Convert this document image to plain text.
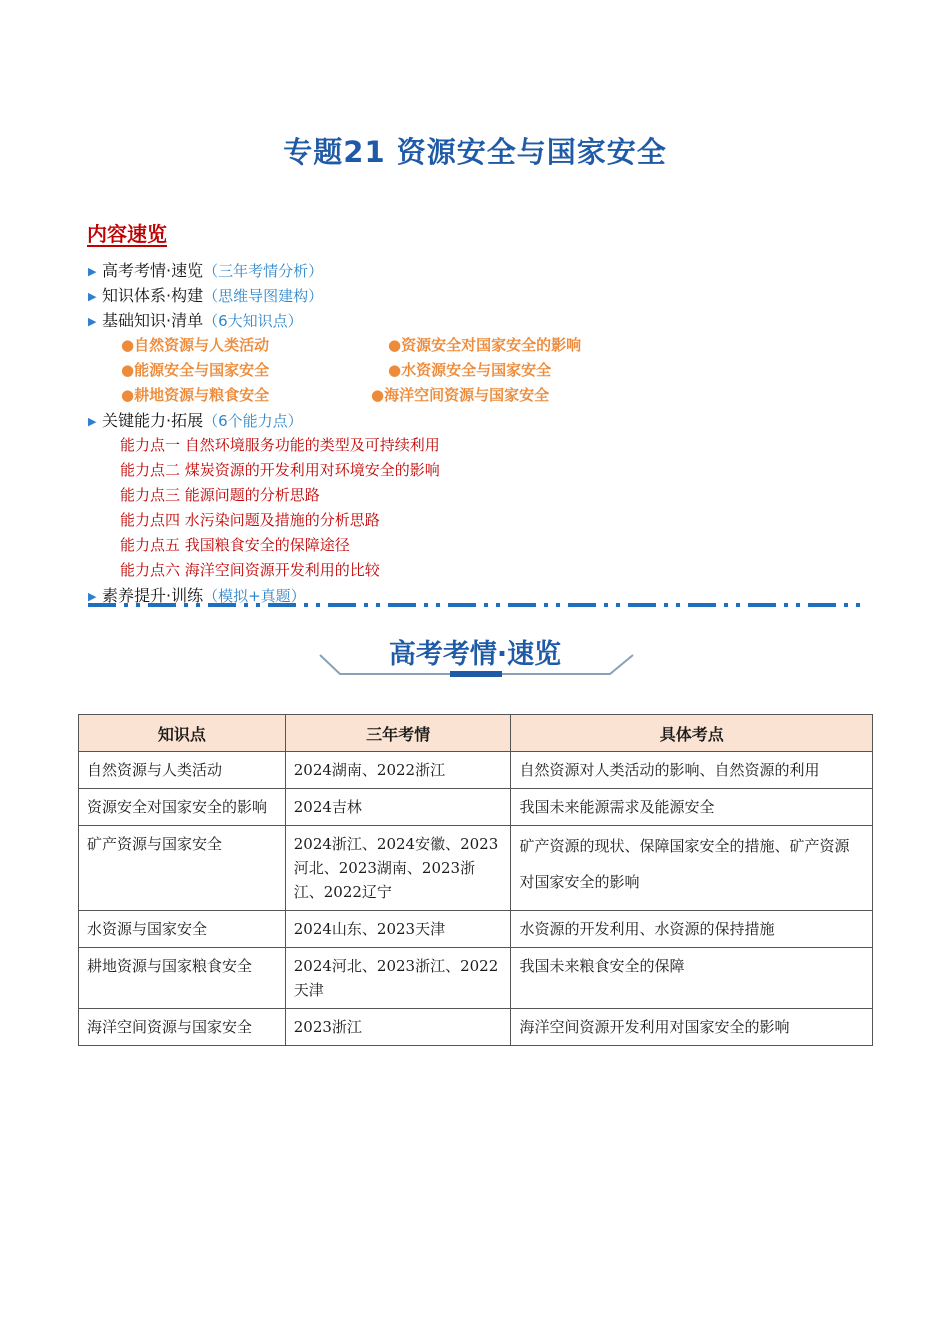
专题21 资源安全与国家安全
内容速览
▶ 高考考情·速览（三年考情分析）
▶ 知识体系·构建（思维导图建构）
▶ 基础知识·清单（6大知识点）
●自然资源与人类活动	●资源安全对国家安全的影响
●能源安全与国家安全	●水资源安全与国家安全
●耕地资源与粮食安全	●海洋空间资源与国家安全
▶ 关键能力·拓展（6个能力点）
能力点一 自然环境服务功能的类型及可持续利用
能力点二 煤炭资源的开发利用对环境安全的影响
能力点三 能源问题的分析思路
能力点四 水污染问题及措施的分析思路
能力点五 我国粮食安全的保障途径
能力点六 海洋空间资源开发利用的比较
▶ 素养提升·训练（模拟+真题）
高考考情·速览
知识点	三年考情	具体考点
自然资源与人类活动	2024湖南、2022浙江	自然资源对人类活动的影响、自然资源的利用
资源安全对国家安全的影响	2024吉林	我国未来能源需求及能源安全
矿产资源与国家安全	2024浙江、2024安徽、2023河北、2023湖南、2023浙江、2022辽宁	矿产资源的现状、保障国家安全的措施、矿产资源对国家安全的影响
水资源与国家安全	2024山东、2023天津	水资源的开发利用、水资源的保持措施
耕地资源与国家粮食安全	2024河北、2023浙江、2022天津	我国未来粮食安全的保障
海洋空间资源与国家安全	2023浙江	海洋空间资源开发利用对国家安全的影响
